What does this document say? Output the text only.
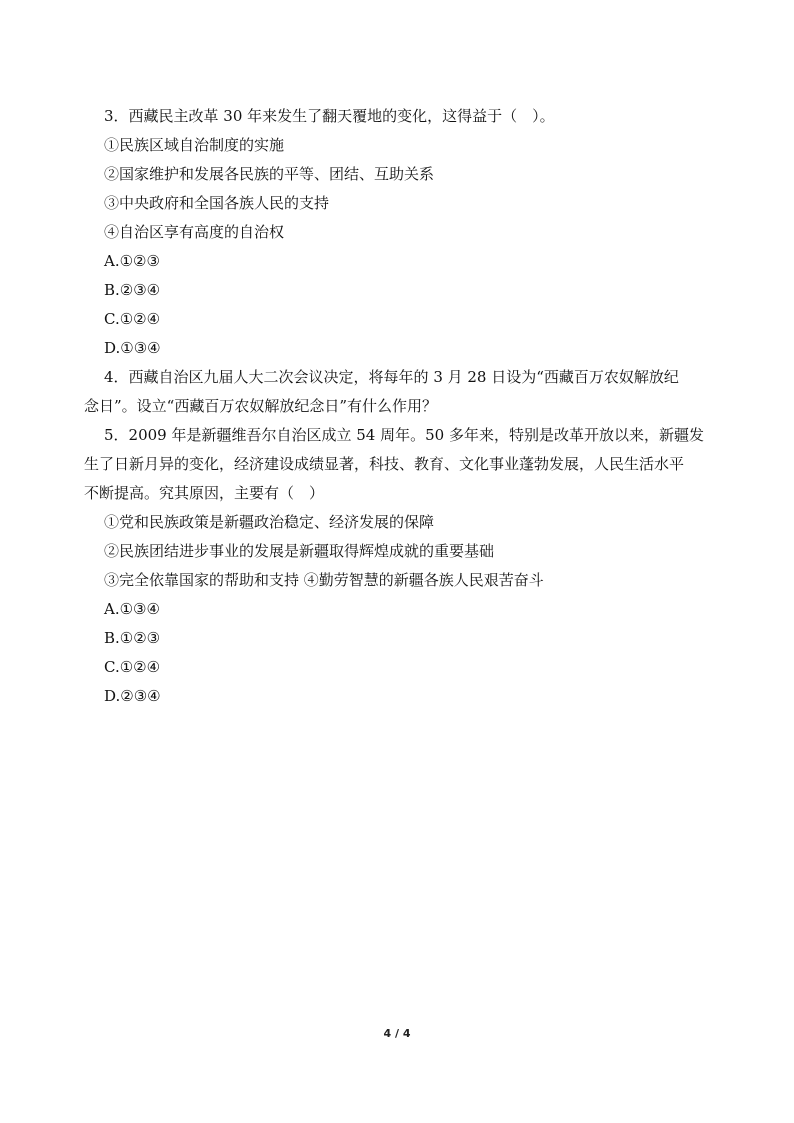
3．西藏民主改革 30 年来发生了翻天覆地的变化，这得益于（　）。
①民族区域自治制度的实施
②国家维护和发展各民族的平等、团结、互助关系
③中央政府和全国各族人民的支持
④自治区享有高度的自治权
A.①②③
B.②③④
C.①②④
D.①③④
4．西藏自治区九届人大二次会议决定，将每年的 3 月 28 日设为“西藏百万农奴解放纪
念日”。设立“西藏百万农奴解放纪念日”有什么作用？
5．2009 年是新疆维吾尔自治区成立 54 周年。50 多年来，特别是改革开放以来，新疆发
生了日新月异的变化，经济建设成绩显著，科技、教育、文化事业蓬勃发展，人民生活水平
不断提高。究其原因，主要有（　）
①党和民族政策是新疆政治稳定、经济发展的保障
②民族团结进步事业的发展是新疆取得辉煌成就的重要基础
③完全依靠国家的帮助和支持 ④勤劳智慧的新疆各族人民艰苦奋斗
A.①③④
B.①②③
C.①②④
D.②③④
4 / 4
